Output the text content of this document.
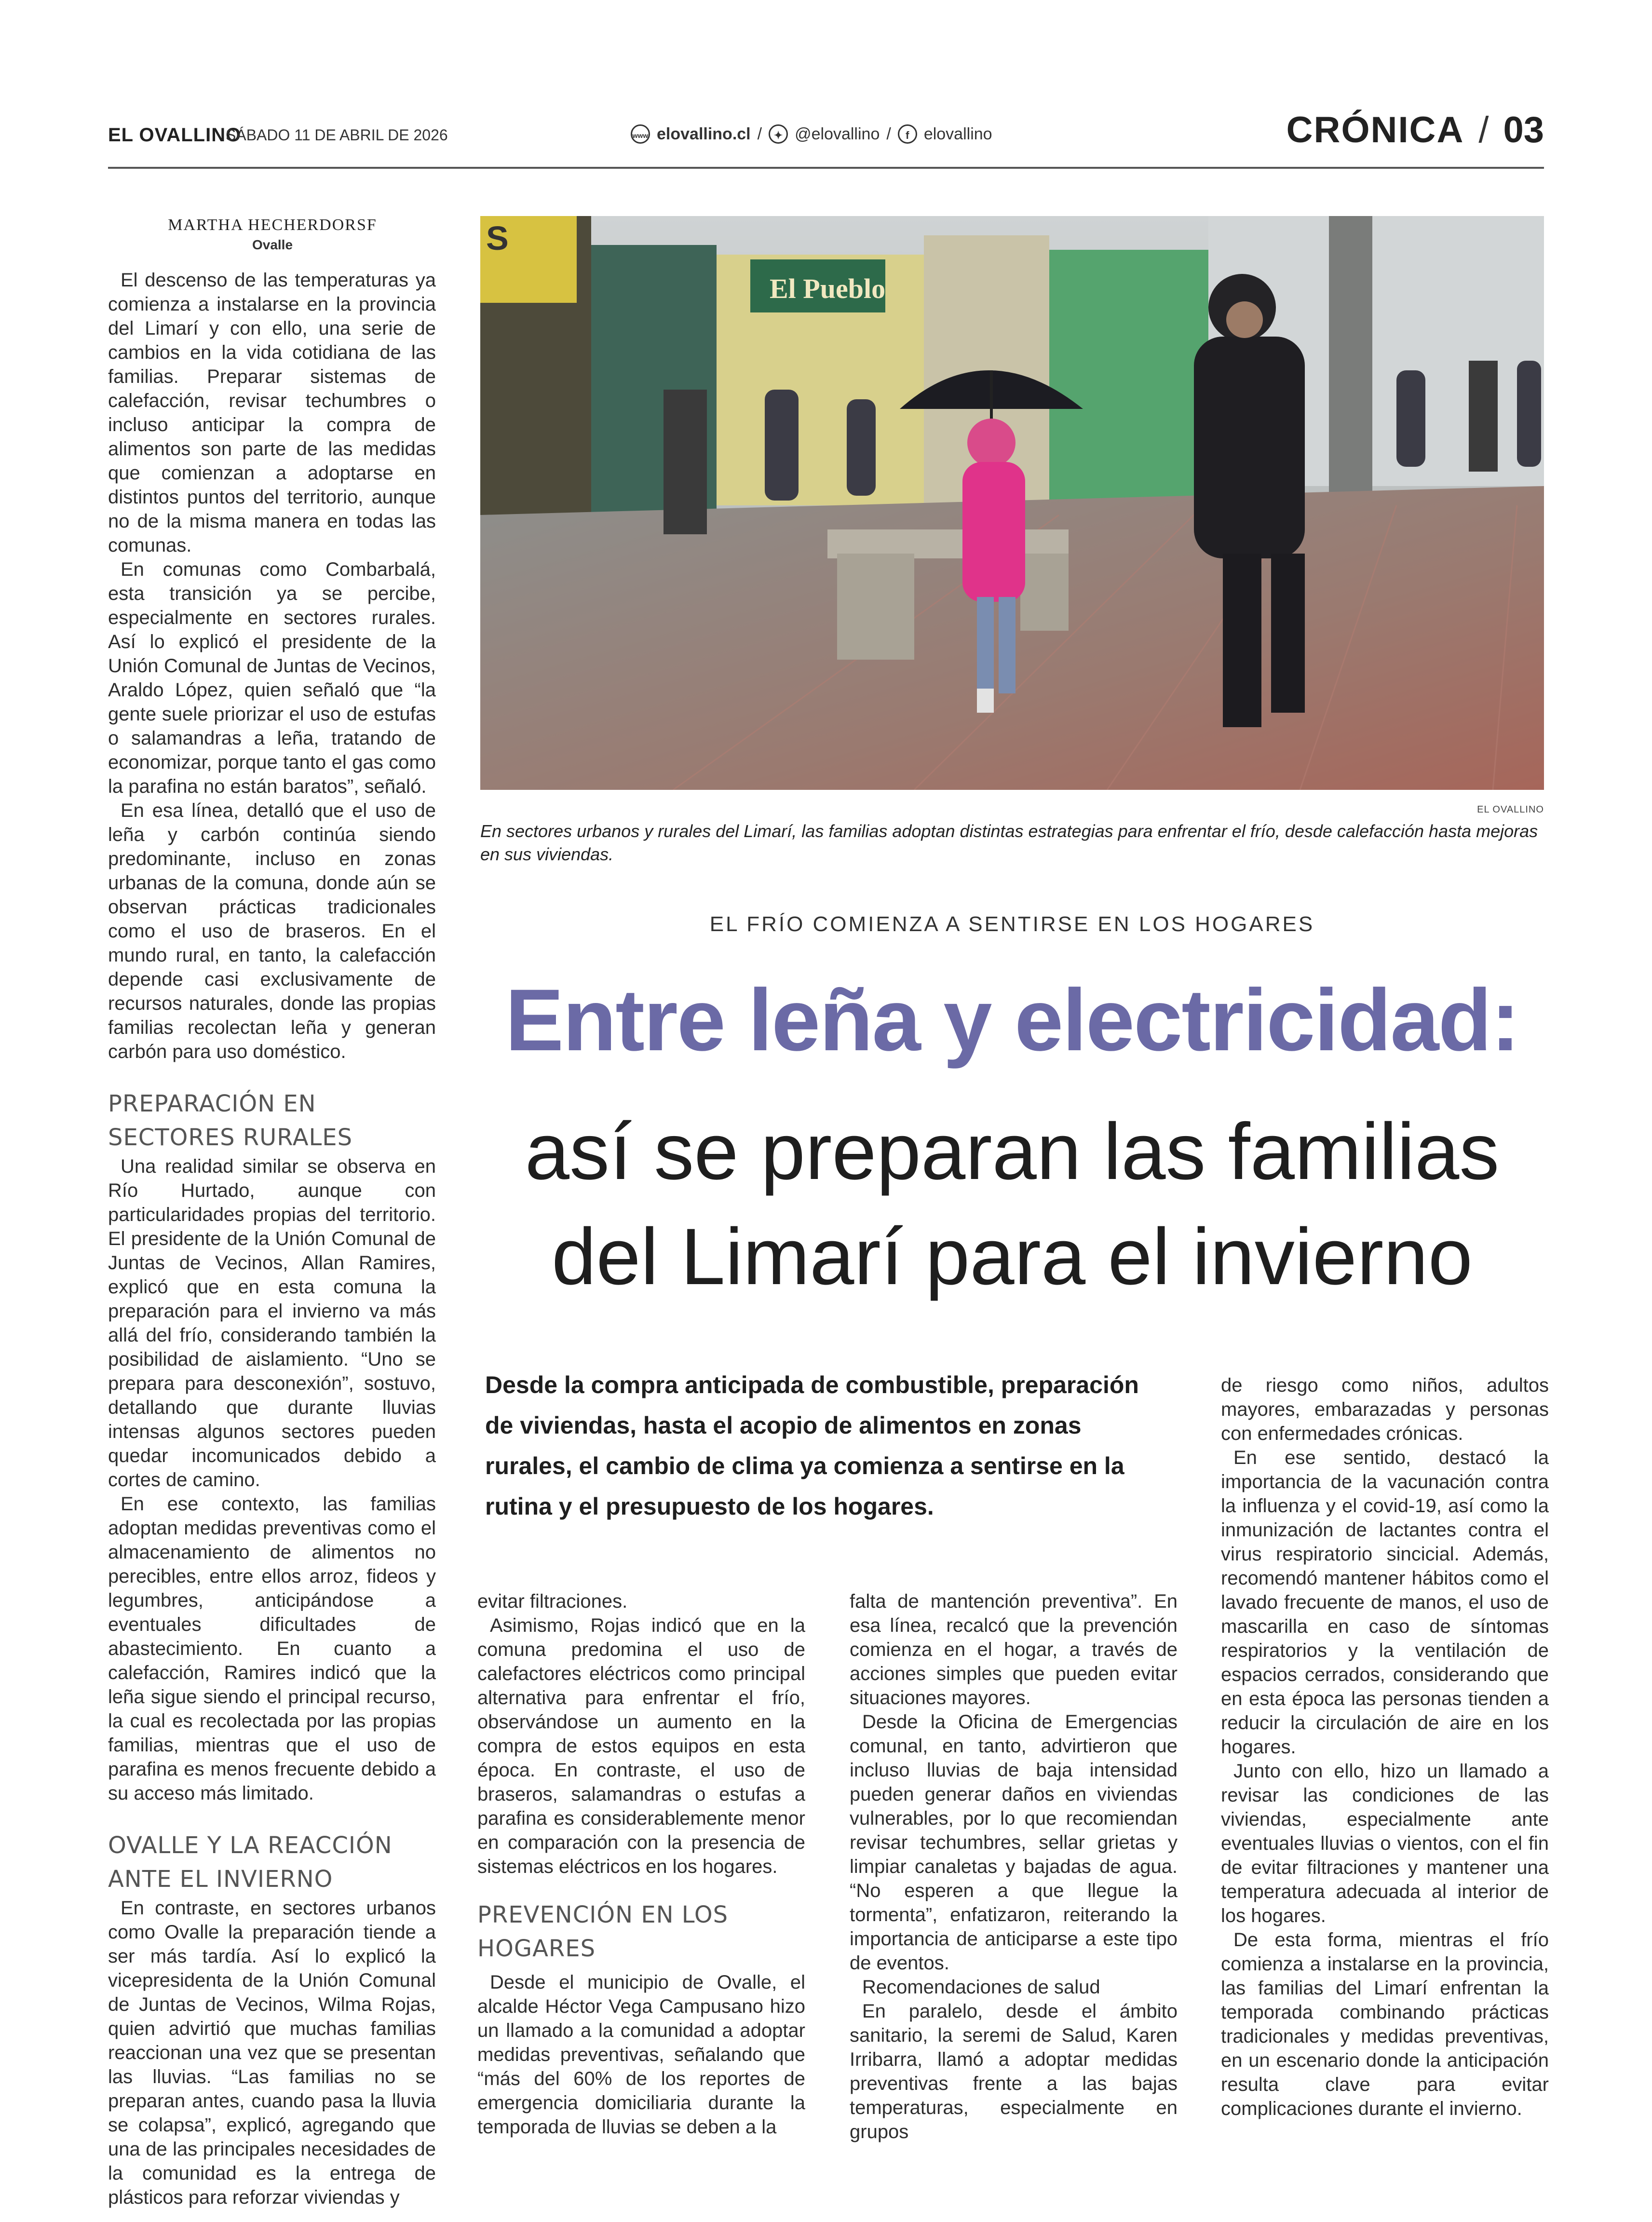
EL OVALLINO
SÁBADO 11 DE ABRIL DE 2026	www elovallino.cl /	✦ @elovallino /	f elovallino	CRÓNICA / 03
MARTHA HECHERDORSF
Ovalle

El descenso de las temperaturas ya comienza a instalarse en la provincia del Limarí y con ello, una serie de cambios en la vida cotidiana de las familias. Preparar sistemas de calefacción, revisar techumbres o incluso anticipar la compra de alimentos son parte de las medidas que comienzan a adoptarse en distintos puntos del territorio, aunque no de la misma manera en todas las comunas.

En comunas como Combarbalá, esta transición ya se percibe, especialmente en sectores rurales. Así lo explicó el presidente de la Unión Comunal de Juntas de Vecinos, Araldo López, quien señaló que “la gente suele priorizar el uso de estufas o salamandras a leña, tratando de economizar, porque tanto el gas como la parafina no están baratos”, señaló.

En esa línea, detalló que el uso de leña y carbón continúa siendo predominante, incluso en zonas urbanas de la comuna, donde aún se observan prácticas tradicionales como el uso de braseros. En el mundo rural, en tanto, la calefacción depende casi exclusivamente de recursos naturales, donde las propias familias recolectan leña y generan carbón para uso doméstico.

PREPARACIÓN EN
SECTORES RURALES

Una realidad similar se observa en Río Hurtado, aunque con particularidades propias del territorio. El presidente de la Unión Comunal de Juntas de Vecinos, Allan Ramires, explicó que en esta comuna la preparación para el invierno va más allá del frío, considerando también la posibilidad de aislamiento. “Uno se prepara para desconexión”, sostuvo, detallando que durante lluvias intensas algunos sectores pueden quedar incomunicados debido a cortes de camino.

En ese contexto, las familias adoptan medidas preventivas como el almacenamiento de alimentos no perecibles, entre ellos arroz, fideos y legumbres, anticipándose a eventuales dificultades de abastecimiento. En cuanto a calefacción, Ramires indicó que la leña sigue siendo el principal recurso, la cual es recolectada por las propias familias, mientras que el uso de parafina es menos frecuente debido a su acceso más limitado.

OVALLE Y LA REACCIÓN
ANTE EL INVIERNO

En contraste, en sectores urbanos como Ovalle la preparación tiende a ser más tardía. Así lo explicó la vicepresidenta de la Unión Comunal de Juntas de Vecinos, Wilma Rojas, quien advirtió que muchas familias reaccionan una vez que se presentan las lluvias. “Las familias no se preparan antes, cuando pasa la lluvia se colapsa”, explicó, agregando que una de las principales necesidades de la comunidad es la entrega de plásticos para reforzar viviendas y

S
El Pueblo
EL OVALLINO
En sectores urbanos y rurales del Limarí, las familias adoptan distintas estrategias para enfrentar el frío, desde calefacción hasta mejoras en sus viviendas.
EL FRÍO COMIENZA A SENTIRSE EN LOS HOGARES
Entre leña y electricidad:
así se preparan las familias
del Limarí para el invierno
Desde la compra anticipada de combustible, preparación de viviendas, hasta el acopio de alimentos en zonas rurales, el cambio de clima ya comienza a sentirse en la rutina y el presupuesto de los hogares.

evitar filtraciones.

Asimismo, Rojas indicó que en la comuna predomina el uso de calefactores eléctricos como principal alternativa para enfrentar el frío, observándose un aumento en la compra de estos equipos en esta época. En contraste, el uso de braseros, salamandras o estufas a parafina es considerablemente menor en comparación con la presencia de sistemas eléctricos en los hogares.

PREVENCIÓN EN LOS HOGARES

Desde el municipio de Ovalle, el alcalde Héctor Vega Campusano hizo un llamado a la comunidad a adoptar medidas preventivas, señalando que “más del 60% de los reportes de emergencia domiciliaria durante la temporada de lluvias se deben a la

falta de mantención preventiva”. En esa línea, recalcó que la prevención comienza en el hogar, a través de acciones simples que pueden evitar situaciones mayores.

Desde la Oficina de Emergencias comunal, en tanto, advirtieron que incluso lluvias de baja intensidad pueden generar daños en viviendas vulnerables, por lo que recomiendan revisar techumbres, sellar grietas y limpiar canaletas y bajadas de agua. “No esperen a que llegue la tormenta”, enfatizaron, reiterando la importancia de anticiparse a este tipo de eventos.

Recomendaciones de salud

En paralelo, desde el ámbito sanitario, la seremi de Salud, Karen Irribarra, llamó a adoptar medidas preventivas frente a las bajas temperaturas, especialmente en grupos

de riesgo como niños, adultos mayores, embarazadas y personas con enfermedades crónicas.

En ese sentido, destacó la importancia de la vacunación contra la influenza y el covid-19, así como la inmunización de lactantes contra el virus respiratorio sincicial. Además, recomendó mantener hábitos como el lavado frecuente de manos, el uso de mascarilla en caso de síntomas respiratorios y la ventilación de espacios cerrados, considerando que en esta época las personas tienden a reducir la circulación de aire en los hogares.

Junto con ello, hizo un llamado a revisar las condiciones de las viviendas, especialmente ante eventuales lluvias o vientos, con el fin de evitar filtraciones y mantener una temperatura adecuada al interior de los hogares.

De esta forma, mientras el frío comienza a instalarse en la provincia, las familias del Limarí enfrentan la temporada combinando prácticas tradicionales y medidas preventivas, en un escenario donde la anticipación resulta clave para evitar complicaciones durante el invierno.
